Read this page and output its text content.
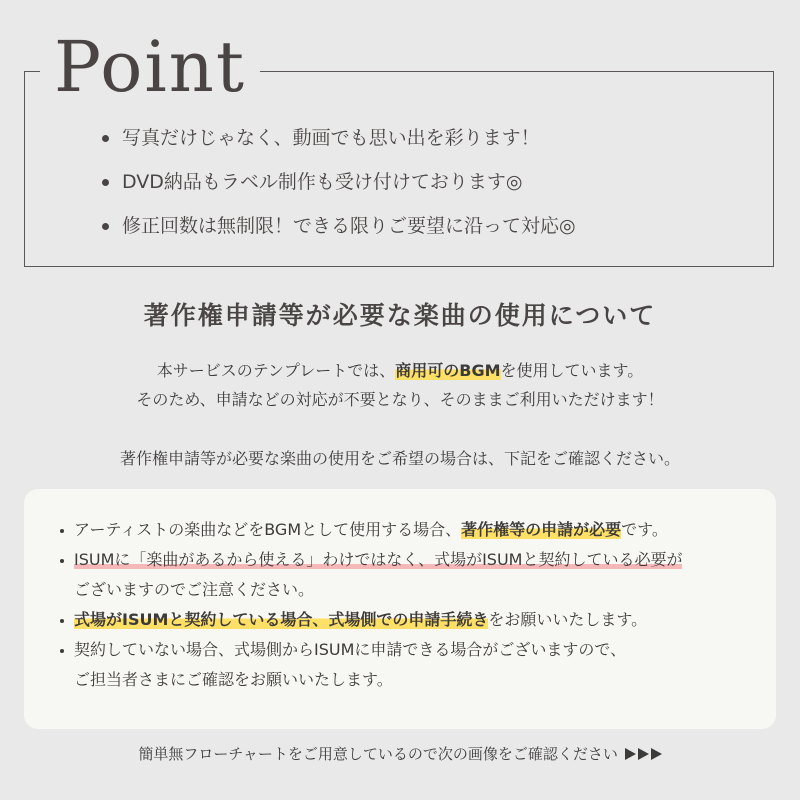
Point
写真だけじゃなく、動画でも思い出を彩ります！
DVD納品もラベル制作も受け付けております◎
修正回数は無制限！できる限りご要望に沿って対応◎
著作権申請等が必要な楽曲の使用について
本サービスのテンプレートでは、商用可のBGMを使用しています。
そのため、申請などの対応が不要となり、そのままご利用いただけます！
著作権申請等が必要な楽曲の使用をご希望の場合は、下記をご確認ください。
アーティストの楽曲などをBGMとして使用する場合、著作権等の申請が必要です。
ISUMに「楽曲があるから使える」わけではなく、式場がISUMと契約している必要が
ございますのでご注意ください。
式場がISUMと契約している場合、式場側での申請手続きをお願いいたします。
契約していない場合、式場側からISUMに申請できる場合がございますので、
ご担当者さまにご確認をお願いいたします。
簡単無フローチャートをご用意しているので次の画像をご確認ください
